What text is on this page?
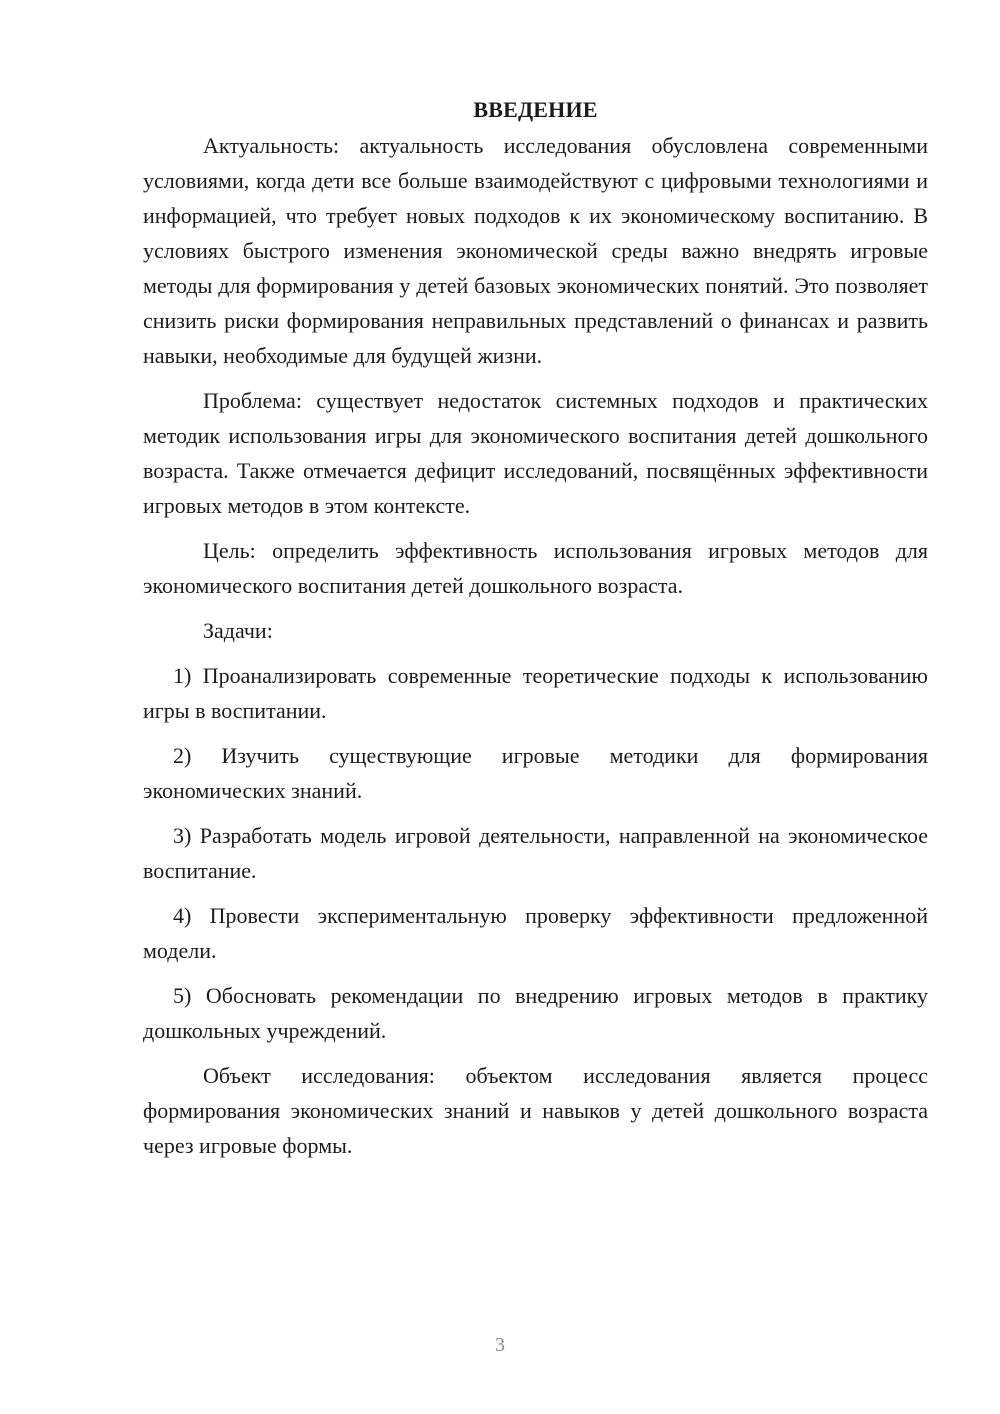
ВВЕДЕНИЕ

Актуальность: актуальность исследования обусловлена современными условиями, когда дети все больше взаимодействуют с цифровыми технологиями и информацией, что требует новых подходов к их экономическому воспитанию. В условиях быстрого изменения экономической среды важно внедрять игровые методы для формирования у детей базовых экономических понятий. Это позволяет снизить риски формирования неправильных представлений о финансах и развить навыки, необходимые для будущей жизни.

Проблема: существует недостаток системных подходов и практических методик использования игры для экономического воспитания детей дошкольного возраста. Также отмечается дефицит исследований, посвящённых эффективности игровых методов в этом контексте.

Цель: определить эффективность использования игровых методов для экономического воспитания детей дошкольного возраста.

Задачи:

1) Проанализировать современные теоретические подходы к использованию игры в воспитании.

2) Изучить существующие игровые методики для формирования экономических знаний.

3) Разработать модель игровой деятельности, направленной на экономическое воспитание.

4) Провести экспериментальную проверку эффективности предложенной модели.

5) Обосновать рекомендации по внедрению игровых методов в практику дошкольных учреждений.

Объект исследования: объектом исследования является процесс формирования экономических знаний и навыков у детей дошкольного возраста через игровые формы.

3
